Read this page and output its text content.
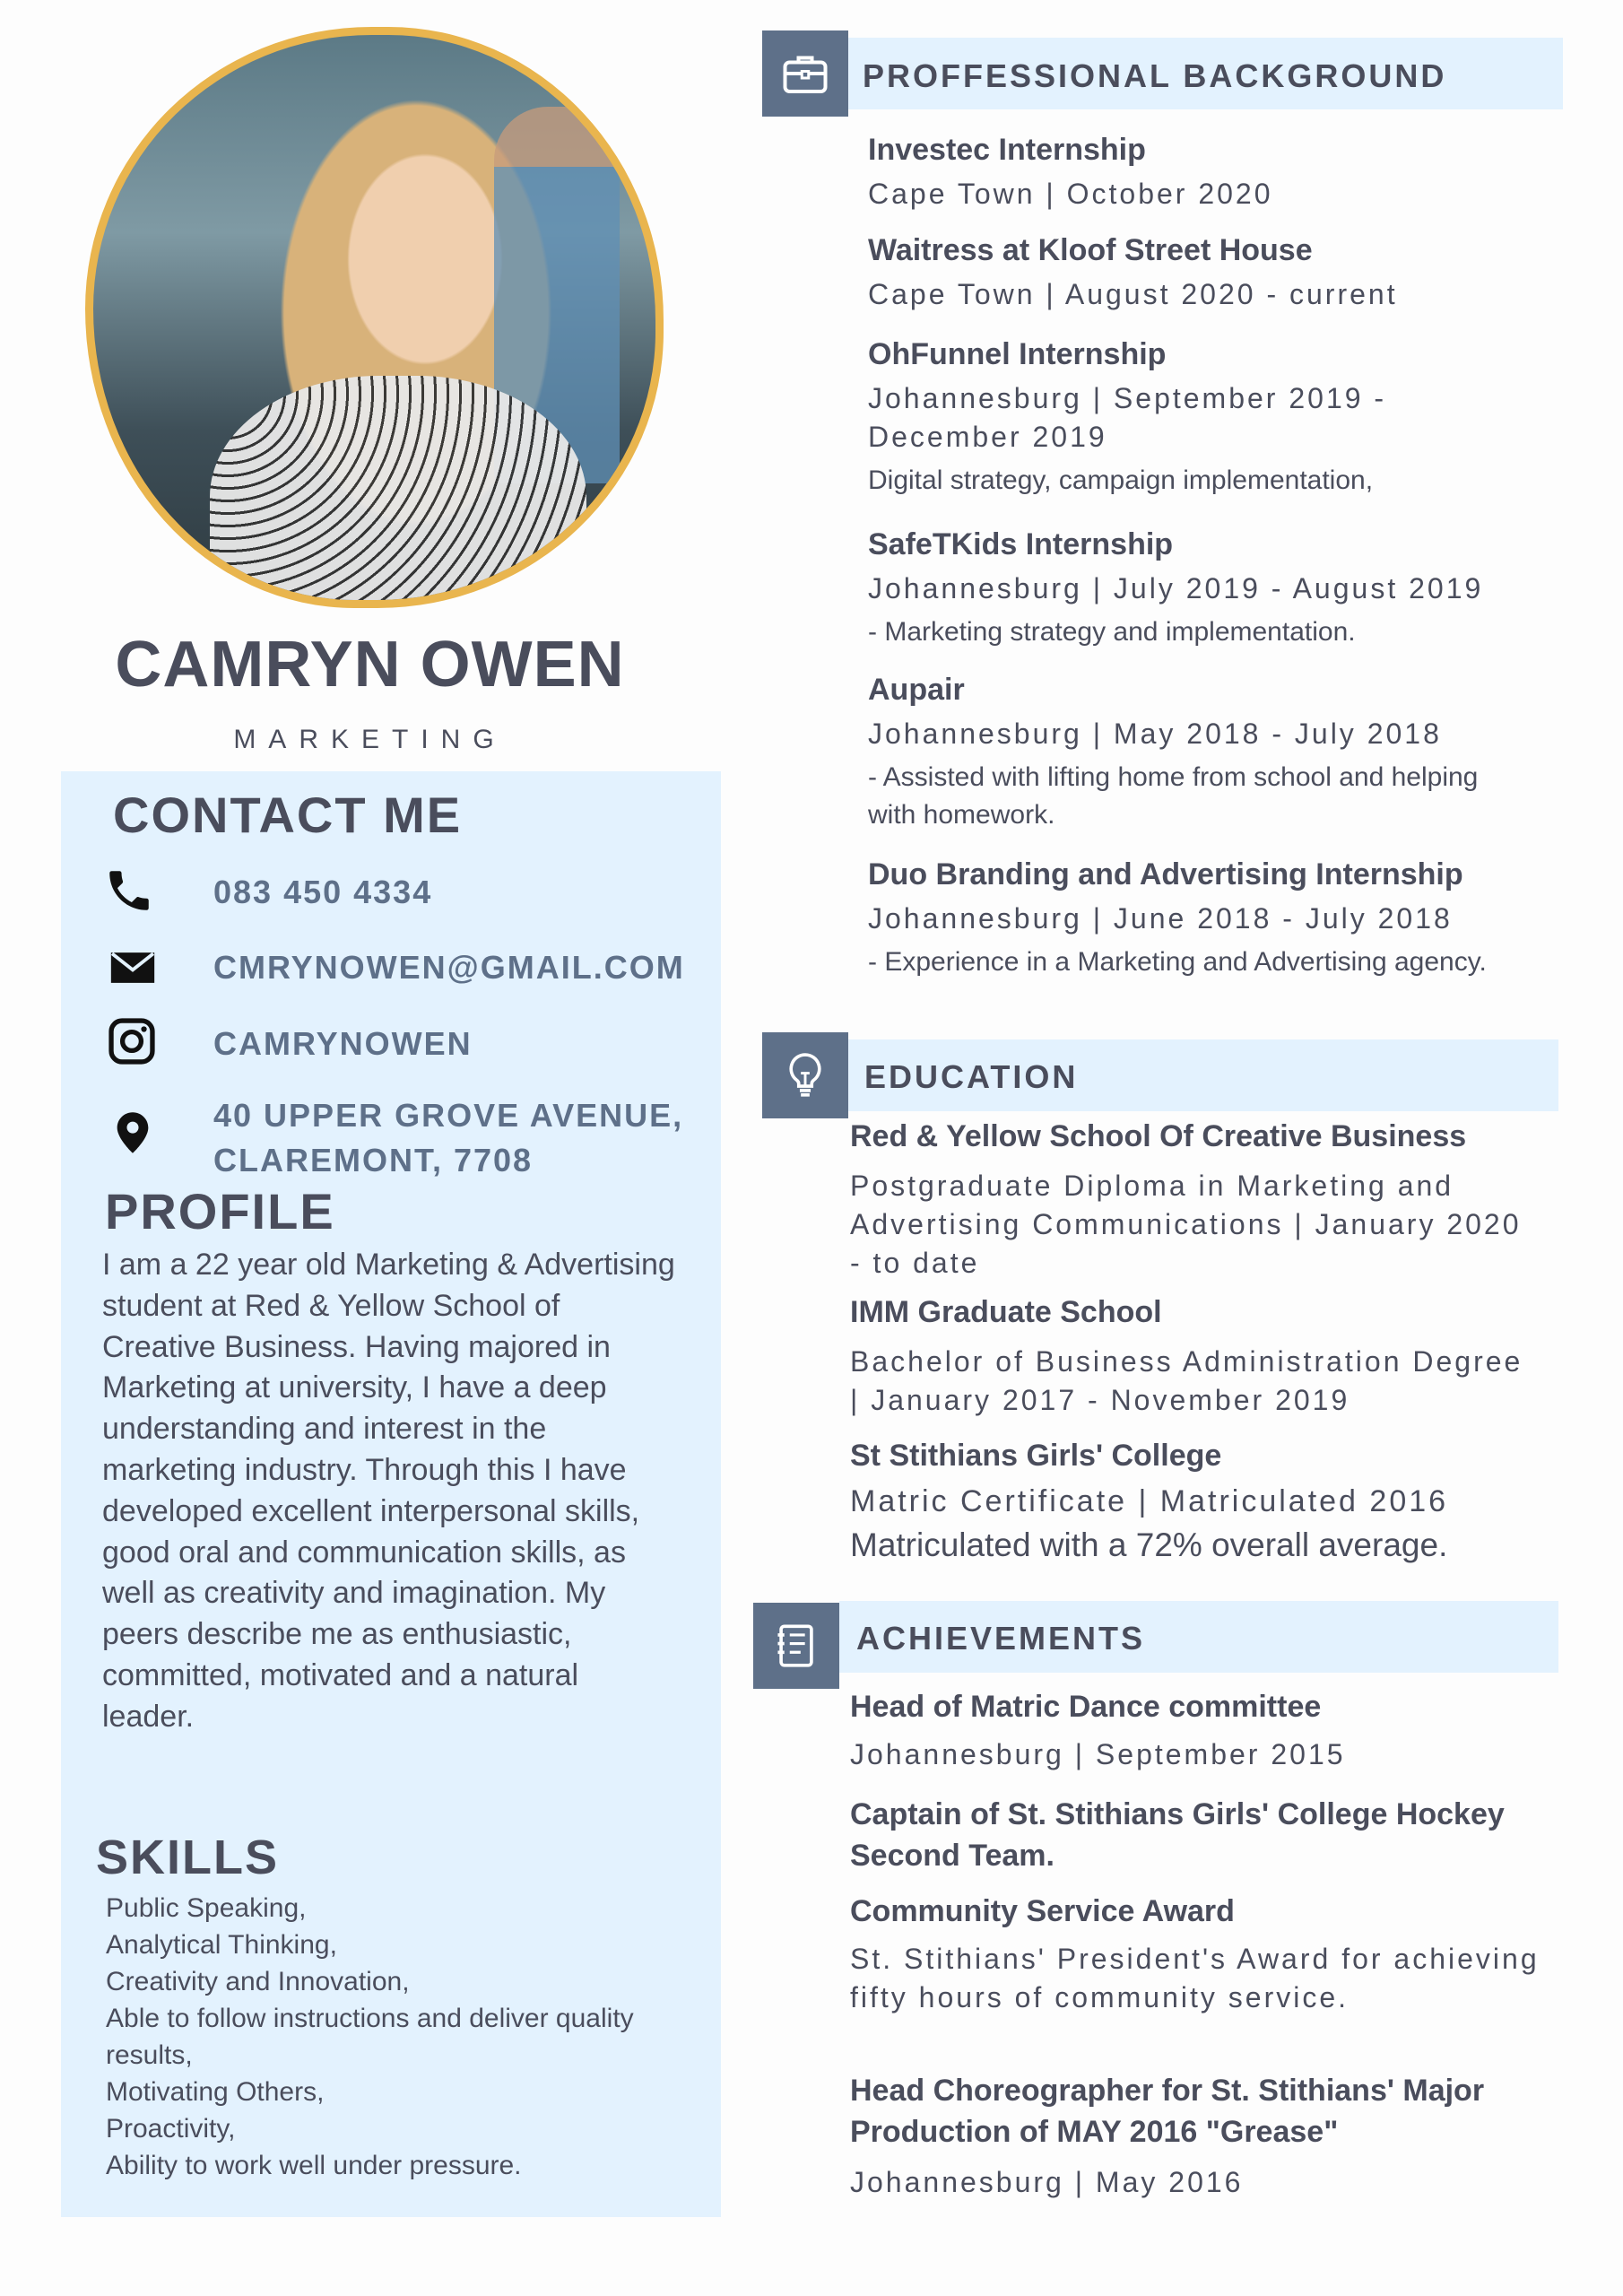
CAMRYN OWEN
MARKETING
CONTACT ME
083 450 4334
CMRYNOWEN@GMAIL.COM
CAMRYNOWEN
40 UPPER GROVE AVENUE,
CLAREMONT, 7708
PROFILE
I am a 22 year old Marketing & Advertising student at Red & Yellow School of Creative Business. Having majored in Marketing at university, I have a deep understanding and interest in the marketing industry. Through this I have developed excellent interpersonal skills, good oral and communication skills, as well as creativity and imagination. My peers describe me as enthusiastic, committed, motivated and a natural leader.
SKILLS
Public Speaking,
Analytical Thinking,
Creativity and Innovation,
Able to follow instructions and deliver quality results,
Motivating Others,
Proactivity,
Ability to work well under pressure.
PROFFESSIONAL BACKGROUND
Investec Internship
Cape Town | October 2020
Waitress at Kloof Street House
Cape Town | August 2020 - current
OhFunnel Internship
Johannesburg | September 2019 - December 2019
Digital strategy, campaign implementation,
SafeTKids Internship
Johannesburg | July 2019 - August 2019
- Marketing strategy and implementation.
Aupair
Johannesburg | May 2018 - July 2018
- Assisted with lifting home from school and helping with homework.
Duo Branding and Advertising Internship
Johannesburg | June 2018 - July 2018
- Experience in a Marketing and Advertising agency.
EDUCATION
Red & Yellow School Of Creative Business
Postgraduate Diploma in Marketing and Advertising Communications | January 2020 - to date
IMM Graduate School
Bachelor of Business Administration Degree | January 2017 - November 2019
St Stithians Girls' College
Matric Certificate | Matriculated 2016
Matriculated with a 72% overall average.
ACHIEVEMENTS
Head of Matric Dance committee
Johannesburg | September 2015
Captain of St. Stithians Girls' College Hockey Second Team.
Community Service Award
St. Stithians' President's Award for achieving fifty hours of community service.
Head Choreographer for St. Stithians' Major Production of MAY 2016 "Grease"
Johannesburg | May 2016
